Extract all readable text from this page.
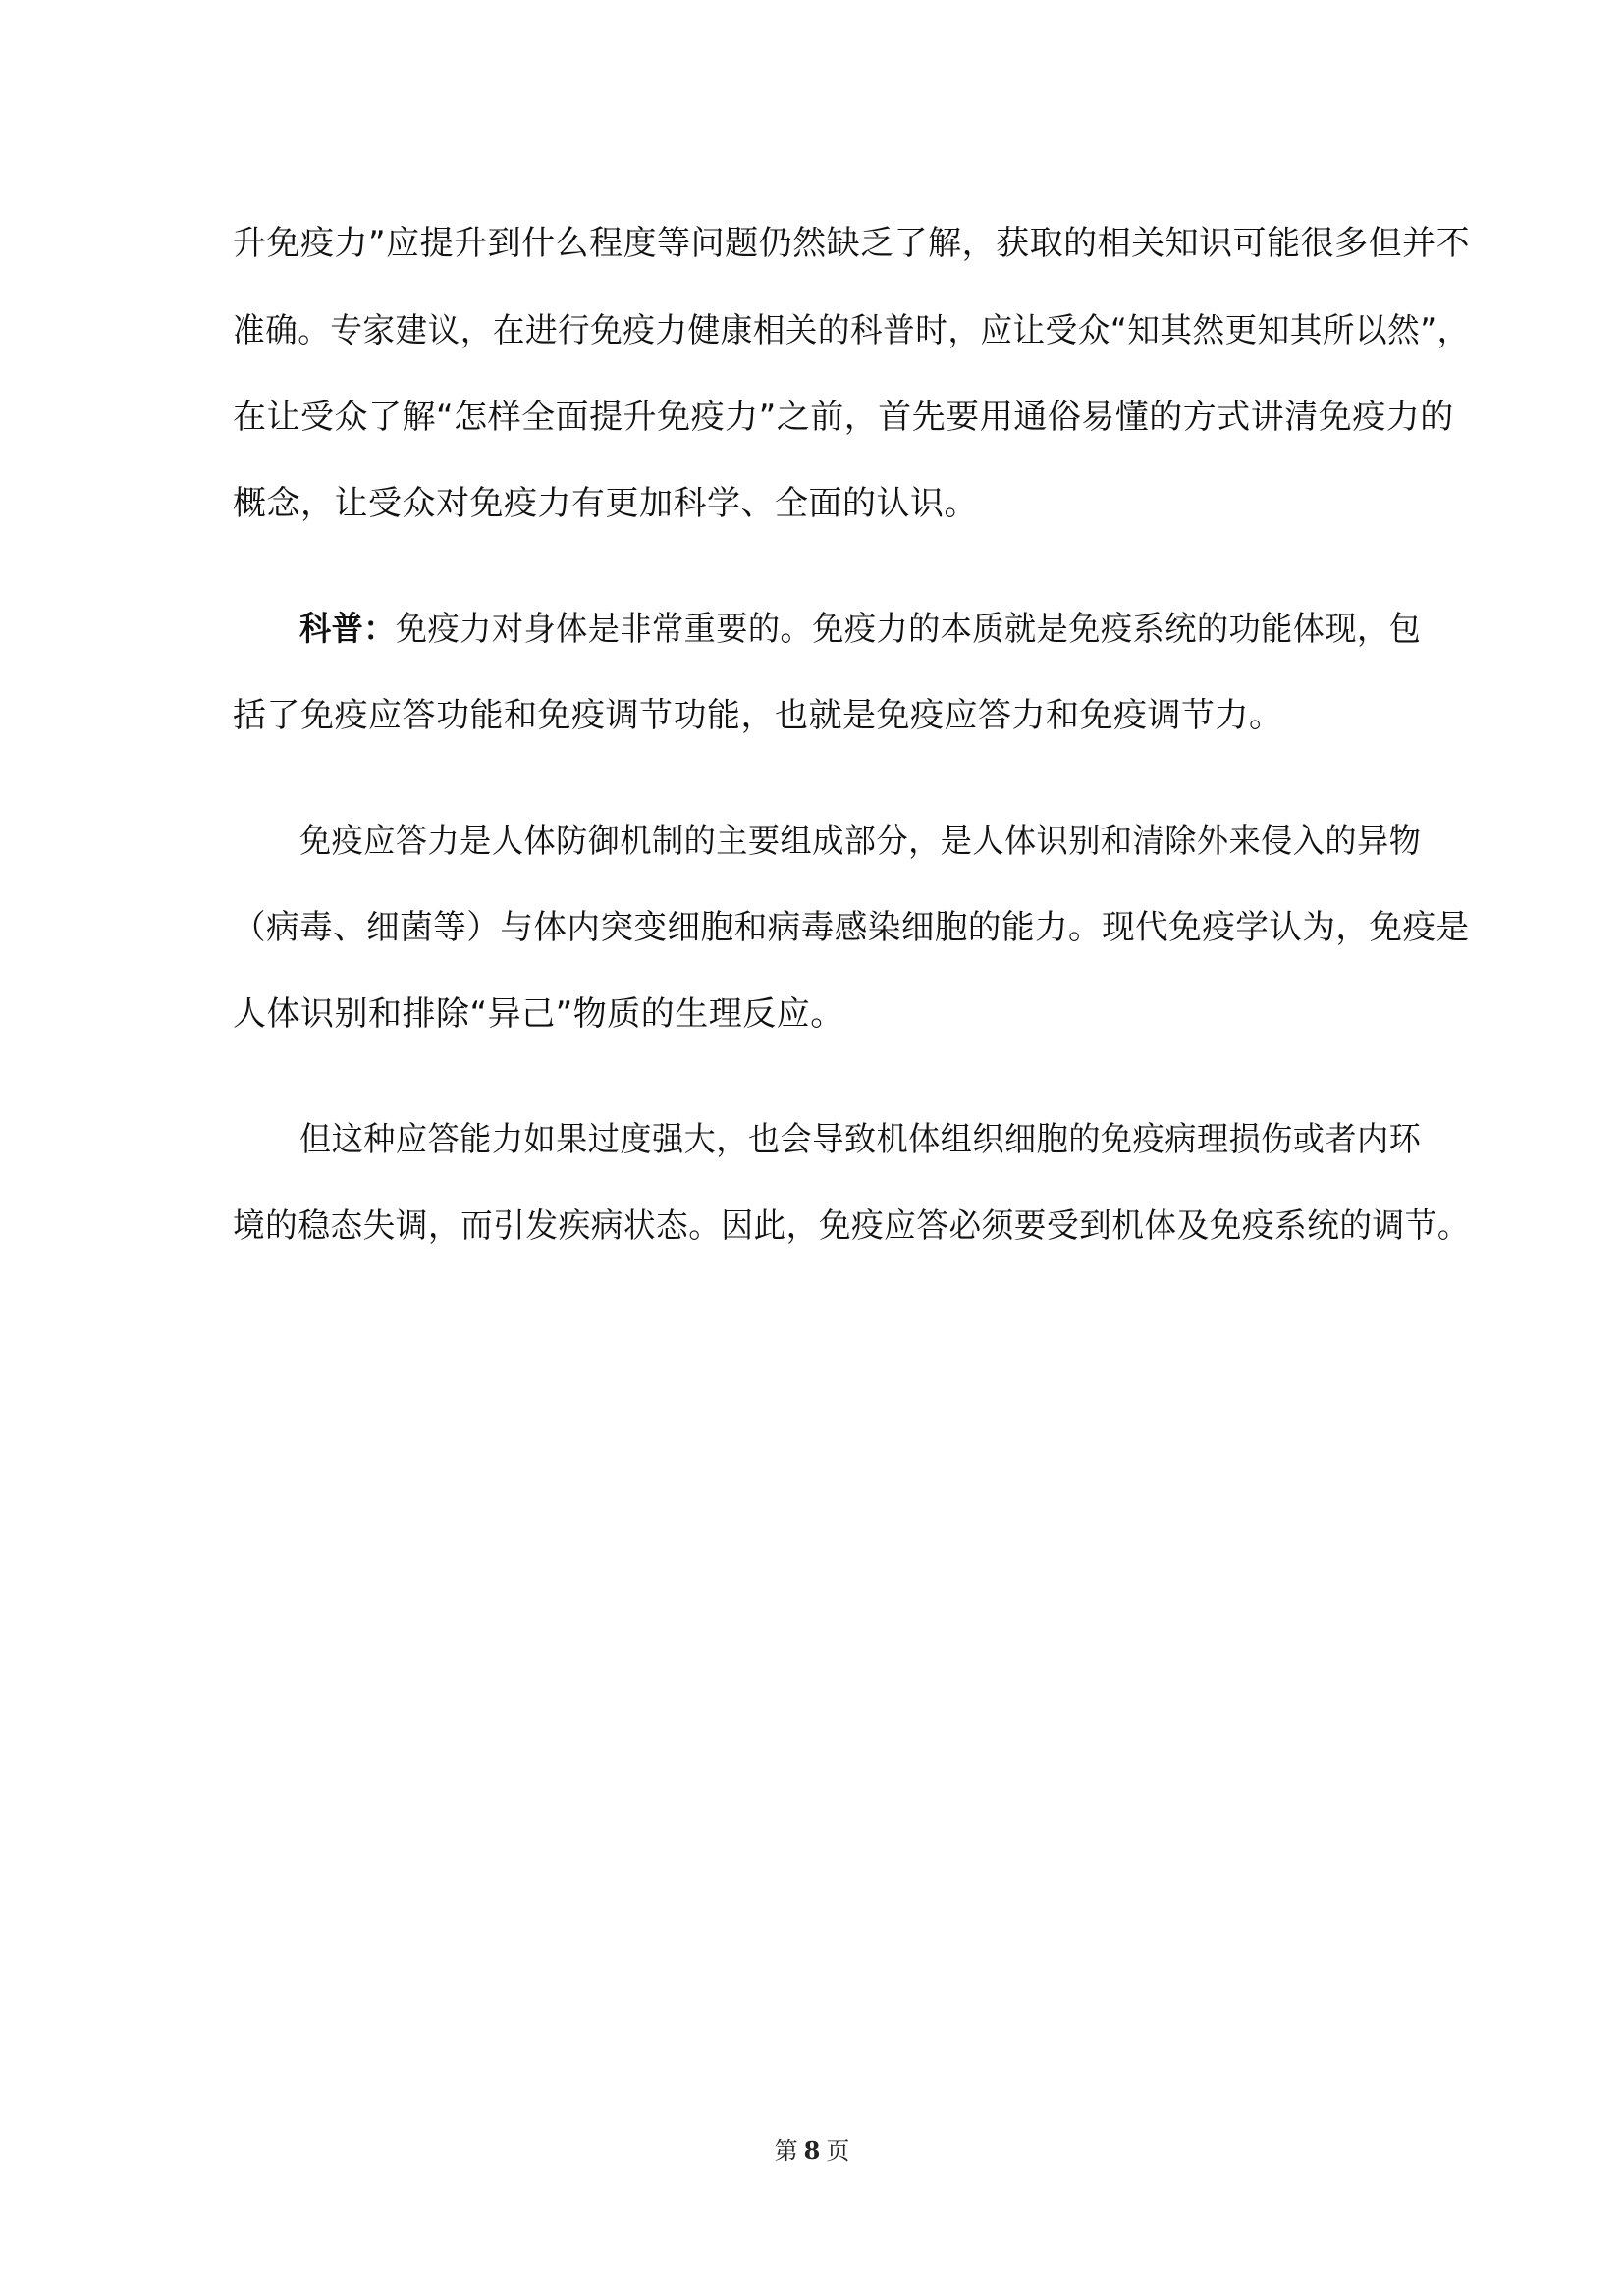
升免疫力”应提升到什么程度等问题仍然缺乏了解，获取的相关知识可能很多但并不
准确。专家建议，在进行免疫力健康相关的科普时，应让受众“知其然更知其所以然”，
在让受众了解“怎样全面提升免疫力”之前，首先要用通俗易懂的方式讲清免疫力的
概念，让受众对免疫力有更加科学、全面的认识。
科普：免疫力对身体是非常重要的。免疫力的本质就是免疫系统的功能体现，包
括了免疫应答功能和免疫调节功能，也就是免疫应答力和免疫调节力。
免疫应答力是人体防御机制的主要组成部分，是人体识别和清除外来侵入的异物
（病毒、细菌等）与体内突变细胞和病毒感染细胞的能力。现代免疫学认为，免疫是
人体识别和排除“异己”物质的生理反应。
但这种应答能力如果过度强大，也会导致机体组织细胞的免疫病理损伤或者内环
境的稳态失调，而引发疾病状态。因此，免疫应答必须要受到机体及免疫系统的调节。
第 8 页
